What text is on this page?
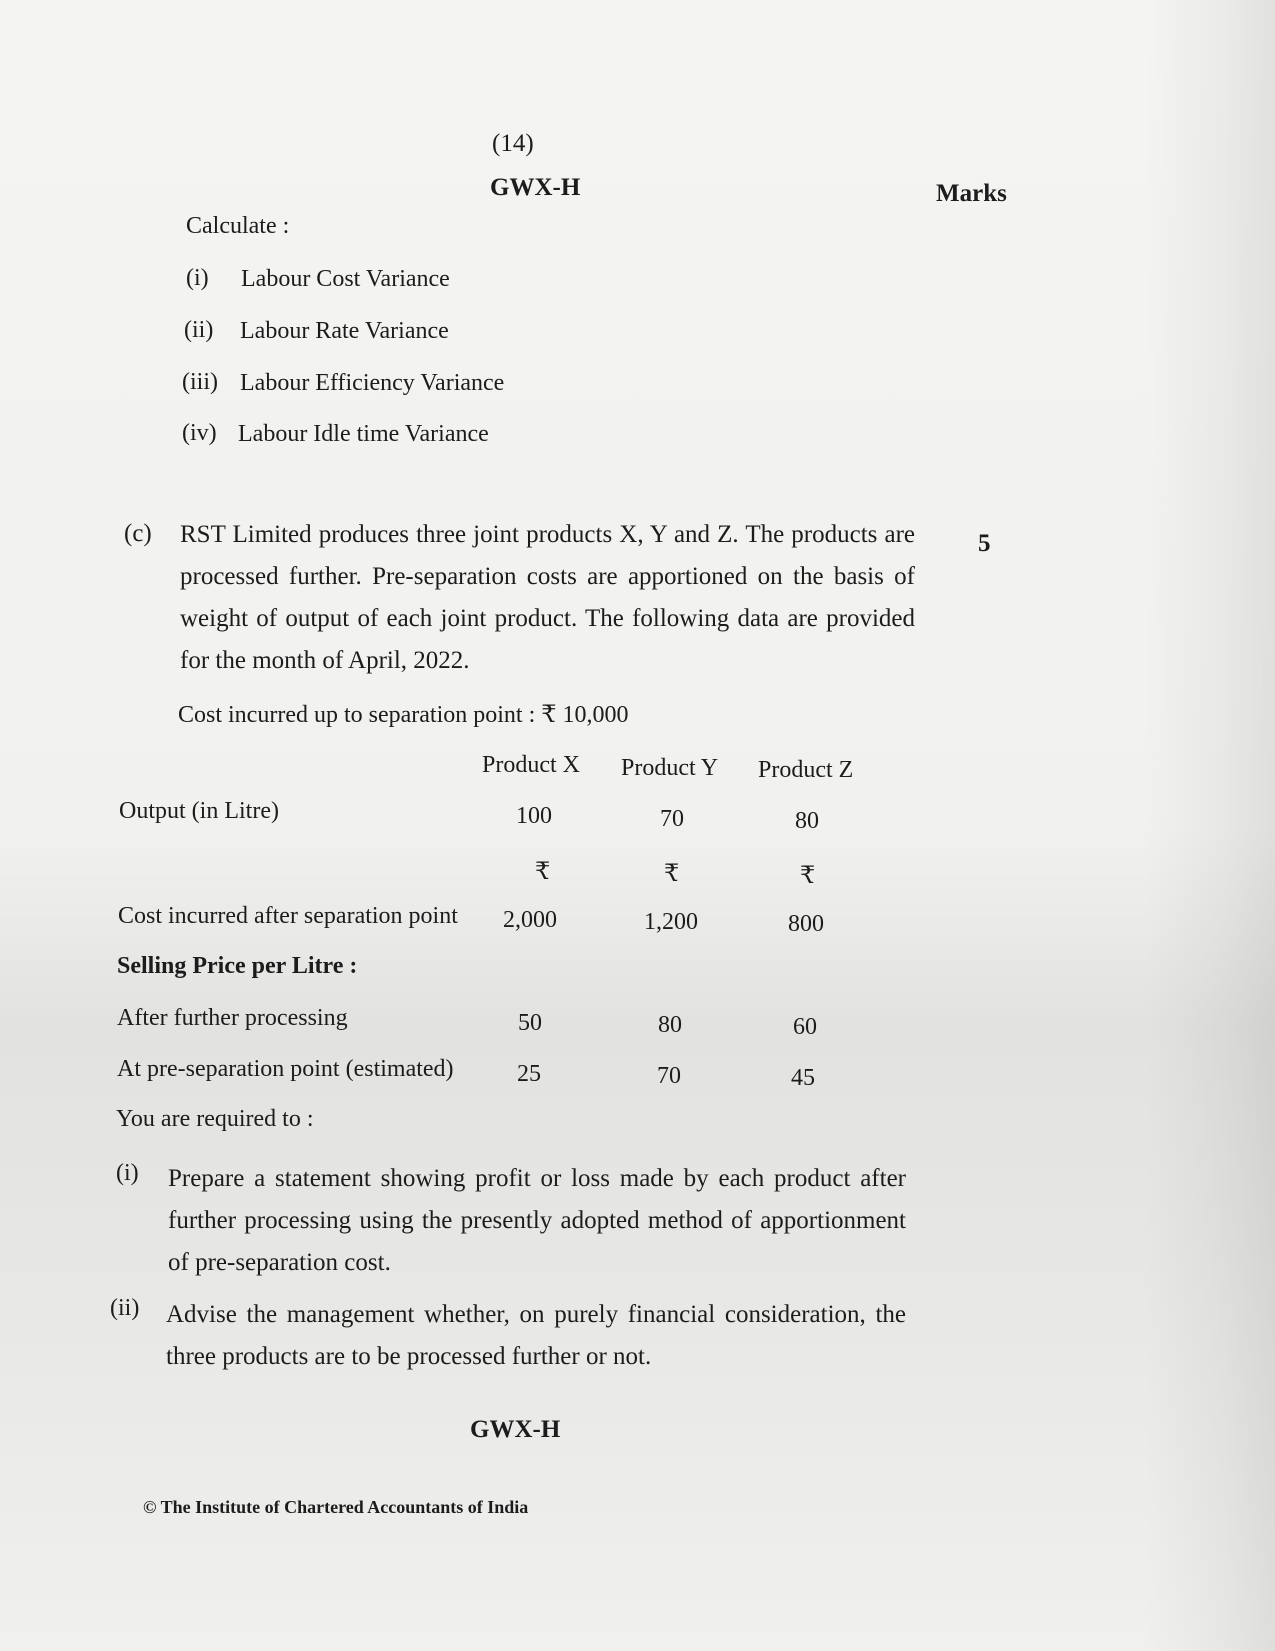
(14)
GWX-H	Marks
Calculate :
(i) Labour Cost Variance
(ii) Labour Rate Variance
(iii) Labour Efficiency Variance
(iv) Labour Idle time Variance
(c) RST Limited produces three joint products X, Y and Z. The products are processed further. Pre-separation costs are apportioned on the basis of weight of output of each joint product. The following data are provided for the month of April, 2022.
5
Cost incurred up to separation point : ₹ 10,000
Product X Product Y Product Z
Output (in Litre)	100	70	80
₹	₹	₹
Cost incurred after separation point 2,000	1,200	800
Selling Price per Litre :
After further processing	50	80	60
At pre-separation point (estimated)	25	70	45
You are required to :
(i) Prepare a statement showing profit or loss made by each product after further processing using the presently adopted method of apportionment of pre-separation cost.
(ii) Advise the management whether, on purely financial consideration, the three products are to be processed further or not.
GWX-H
© The Institute of Chartered Accountants of India
